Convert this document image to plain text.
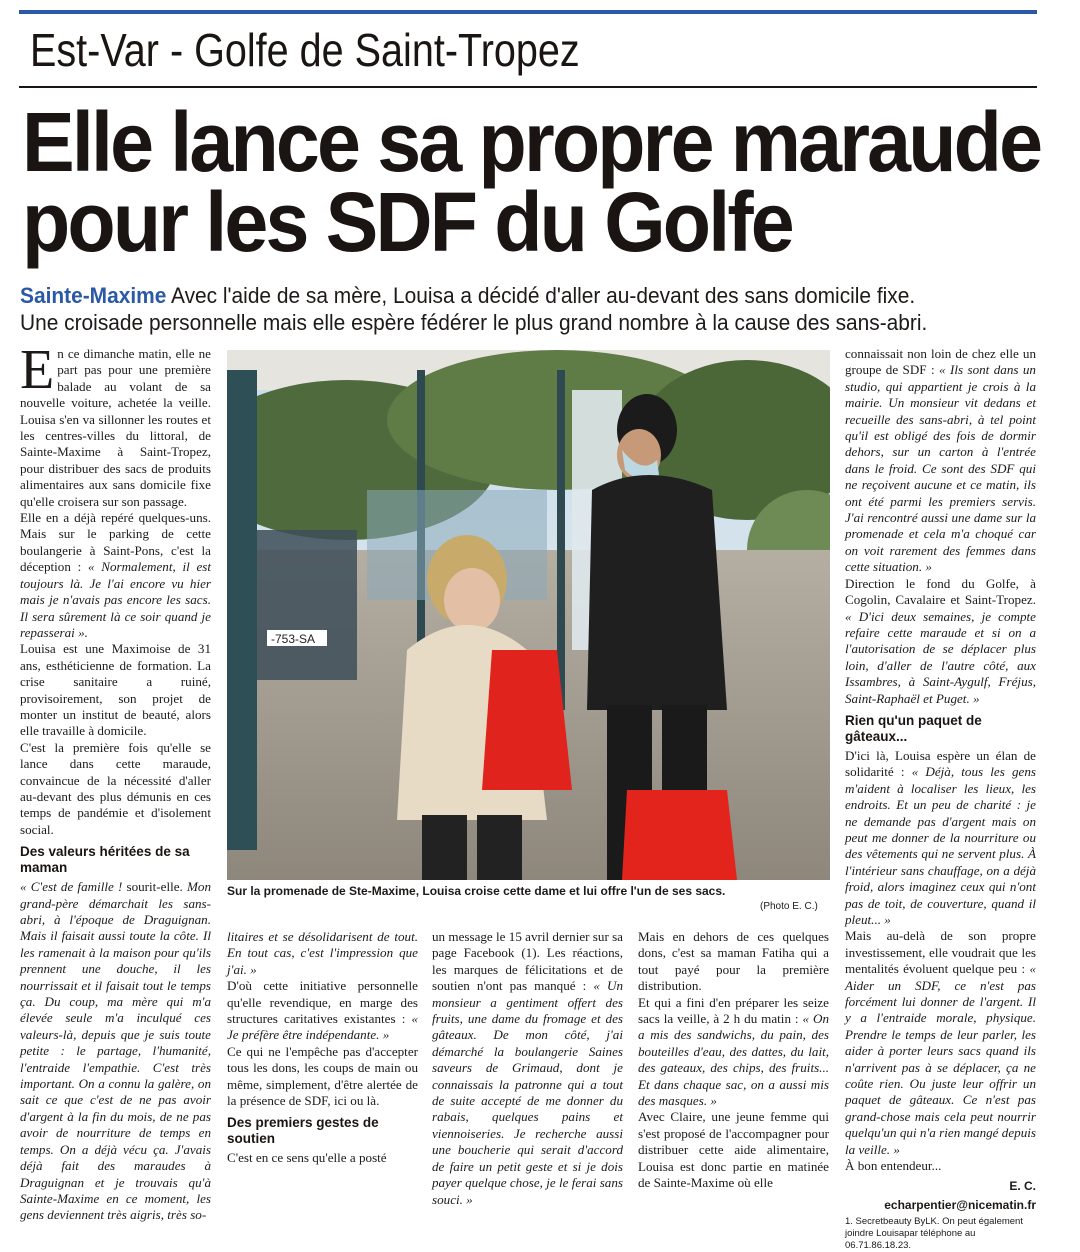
Est-Var - Golfe de Saint-Tropez
Elle lance sa propre maraude
pour les SDF du Golfe
Sainte-Maxime Avec l'aide de sa mère, Louisa a décidé d'aller au-devant des sans domicile fixe.
Une croisade personnelle mais elle espère fédérer le plus grand nombre à la cause des sans-abri.

En ce dimanche matin, elle ne part pas pour une première balade au volant de sa nouvelle voiture, achetée la veille. Louisa s'en va sillonner les routes et les centres-villes du littoral, de Sainte-Maxime à Saint-Tropez, pour distribuer des sacs de produits alimentaires aux sans domicile fixe qu'elle croisera sur son passage.

Elle en a déjà repéré quelques-uns. Mais sur le parking de cette boulangerie à Saint-Pons, c'est la déception : « Normalement, il est toujours là. Je l'ai encore vu hier mais je n'avais pas encore les sacs. Il sera sûrement là ce soir quand je repasserai ».

Louisa est une Maximoise de 31 ans, esthéticienne de formation. La crise sanitaire a ruiné, provisoirement, son projet de monter un institut de beauté, alors elle travaille à domicile.

C'est la première fois qu'elle se lance dans cette maraude, convaincue de la nécessité d'aller au-devant des plus démunis en ces temps de pandémie et d'isolement social.

Des valeurs héritées de sa maman

« C'est de famille ! sourit-elle. Mon grand-père démarchait les sans-abri, à l'époque de Draguignan. Mais il faisait aussi toute la côte. Il les ramenait à la maison pour qu'ils prennent une douche, il les nourrissait et il faisait tout le temps ça. Du coup, ma mère qui m'a élevée seule m'a inculqué ces valeurs-là, depuis que je suis toute petite : le partage, l'humanité, l'entraide l'empathie. C'est très important. On a connu la galère, on sait ce que c'est de ne pas avoir d'argent à la fin du mois, de ne pas avoir de nourriture de temps en temps. On a déjà vécu ça. J'avais déjà fait des maraudes à Draguignan et je trouvais qu'à Sainte-Maxime en ce moment, les gens deviennent très aigris, très so-

-753-SA
Sur la promenade de Ste-Maxime, Louisa croise cette dame et lui offre l'un de ses sacs.
(Photo E. C.)

litaires et se désolidarisent de tout. En tout cas, c'est l'impression que j'ai. »

D'où cette initiative personnelle qu'elle revendique, en marge des structures caritatives existantes : « Je préfère être indépendante. »

Ce qui ne l'empêche pas d'accepter tous les dons, les coups de main ou même, simplement, d'être alertée de la présence de SDF, ici ou là.

Des premiers gestes de soutien

C'est en ce sens qu'elle a posté

un message le 15 avril dernier sur sa page Facebook (1). Les réactions, les marques de félicitations et de soutien n'ont pas manqué : « Un monsieur a gentiment offert des fruits, une dame du fromage et des gâteaux. De mon côté, j'ai démarché la boulangerie Saines saveurs de Grimaud, dont je connaissais la patronne qui a tout de suite accepté de me donner du rabais, quelques pains et viennoiseries. Je recherche aussi une boucherie qui serait d'accord de faire un petit geste et si je dois payer quelque chose, je le ferai sans souci. »

Mais en dehors de ces quelques dons, c'est sa maman Fatiha qui a tout payé pour la première distribution.

Et qui a fini d'en préparer les seize sacs la veille, à 2 h du matin : « On a mis des sandwichs, du pain, des bouteilles d'eau, des dattes, du lait, des gateaux, des chips, des fruits... Et dans chaque sac, on a aussi mis des masques. »

Avec Claire, une jeune femme qui s'est proposé de l'accompagner pour distribuer cette aide alimentaire, Louisa est donc partie en matinée de Sainte-Maxime où elle

connaissait non loin de chez elle un groupe de SDF : « Ils sont dans un studio, qui appartient je crois à la mairie. Un monsieur vit dedans et recueille des sans-abri, à tel point qu'il est obligé des fois de dormir dehors, sur un carton à l'entrée dans le froid. Ce sont des SDF qui ne reçoivent aucune et ce matin, ils ont été parmi les premiers servis. J'ai rencontré aussi une dame sur la promenade et cela m'a choqué car on voit rarement des femmes dans cette situation. »

Direction le fond du Golfe, à Cogolin, Cavalaire et Saint-Tropez. « D'ici deux semaines, je compte refaire cette maraude et si on a l'autorisation de se déplacer plus loin, d'aller de l'autre côté, aux Issambres, à Saint-Aygulf, Fréjus, Saint-Raphaël et Puget. »

Rien qu'un paquet de gâteaux...

D'ici là, Louisa espère un élan de solidarité : « Déjà, tous les gens m'aident à localiser les lieux, les endroits. Et un peu de charité : je ne demande pas d'argent mais on peut me donner de la nourriture ou des vêtements qui ne servent plus. À l'intérieur sans chauffage, on a déjà froid, alors imaginez ceux qui n'ont pas de toit, de couverture, quand il pleut... »

Mais au-delà de son propre investissement, elle voudrait que les mentalités évoluent quelque peu : « Aider un SDF, ce n'est pas forcément lui donner de l'argent. Il y a l'entraide morale, physique. Prendre le temps de leur parler, les aider à porter leurs sacs quand ils n'arrivent pas à se déplacer, ça ne coûte rien. Ou juste leur offrir un paquet de gâteaux. Ce n'est pas grand-chose mais cela peut nourrir quelqu'un qui n'a rien mangé depuis la veille. »

À bon entendeur...

E. C.
echarpentier@nicematin.fr
1. Secretbeauty ByLK. On peut également joindre Louisapar téléphone au 06.71.86.18.23.
